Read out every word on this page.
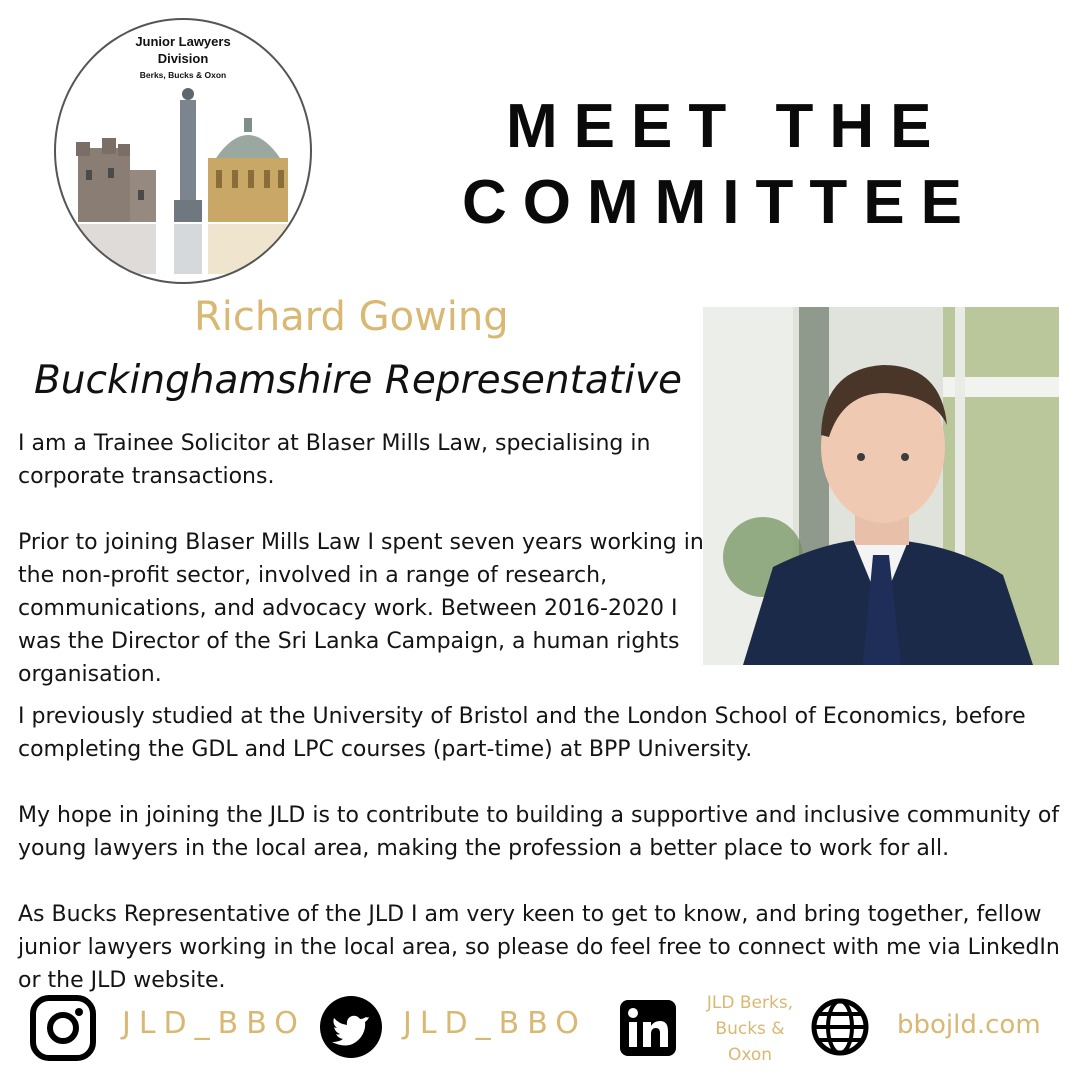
Junior Lawyers
Division
Berks, Bucks & Oxon
MEET THE
COMMITTEE
Richard Gowing
Buckinghamshire Representative

I am a Trainee Solicitor at Blaser Mills Law, specialising in corporate transactions.

Prior to joining Blaser Mills Law I spent seven years working in the non-profit sector, involved in a range of research, communications, and advocacy work. Between 2016-2020 I was the Director of the Sri Lanka Campaign, a human rights organisation.

I previously studied at the University of Bristol and the London School of Economics, before completing the GDL and LPC courses (part-time) at BPP University.

My hope in joining the JLD is to contribute to building a supportive and inclusive community of young lawyers in the local area, making the profession a better place to work for all.

As Bucks Representative of the JLD I am very keen to get to know, and bring together, fellow junior lawyers working in the local area, so please do feel free to connect with me via LinkedIn or the JLD website.

JLD_BBO	JLD_BBO
JLD Berks, Bucks & Oxon
bbojld.com
